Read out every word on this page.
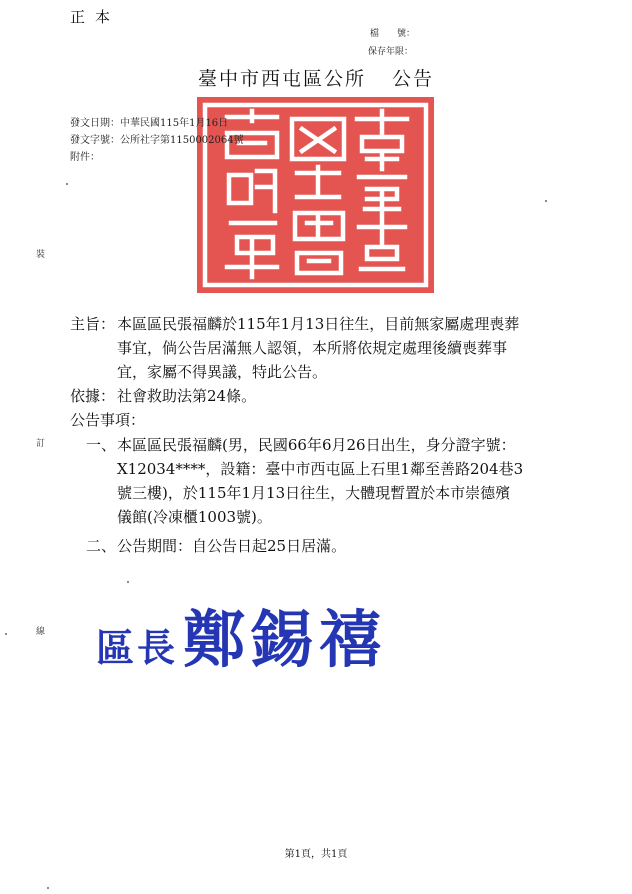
正本
檔　　號：
保存年限：
臺中市西屯區公所 公告
臺中市西屯區公所印
發文日期：中華民國115年1月16日
發文字號：公所社字第1150002064號
附件：
裝
訂
線
主旨： 本區區民張福麟於115年1月13日往生，目前無家屬處理喪葬
事宜，倘公告居滿無人認領，本所將依規定處理後續喪葬事
宜，家屬不得異議，特此公告。
依據： 社會救助法第24條。
公告事項：
一、 本區區民張福麟(男，民國66年6月26日出生，身分證字號：
X12034****，設籍：臺中市西屯區上石里1鄰至善路204巷3
號三樓)，於115年1月13日往生，大體現暫置於本市崇德殯
儀館(冷凍櫃1003號)。
二、 公告期間：自公告日起25日居滿。
區長 鄭錫禧
第1頁，共1頁
